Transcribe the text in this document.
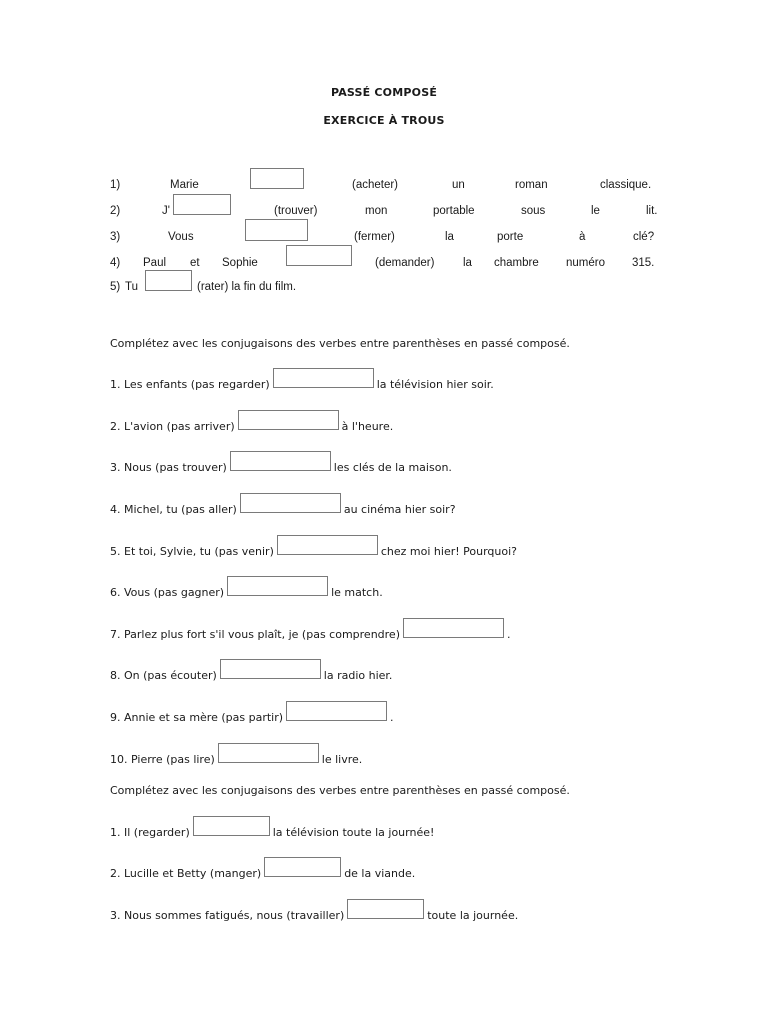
PASSÉ COMPOSÉ
EXERCICE À TROUS
1)	Marie	(acheter)	un	roman	classique.
2)	J'	(trouver)	mon	portable	sous	le	lit.
3)	Vous	(fermer)	la	porte	à	clé?
4) Paul et Sophie	(demander) la chambre numéro 315.
5) Tu	(rater) la fin du film.
Complétez avec les conjugaisons des verbes entre parenthèses en passé composé.
1. Les enfants (pas regarder)	la télévision hier soir.
2. L'avion (pas arriver)	à l'heure.
3. Nous (pas trouver)	les clés de la maison.
4. Michel, tu (pas aller)	au cinéma hier soir?
5. Et toi, Sylvie, tu (pas venir)	chez moi hier! Pourquoi?
6. Vous (pas gagner)	le match.
7. Parlez plus fort s'il vous plaît, je (pas comprendre)	.
8. On (pas écouter)	la radio hier.
9. Annie et sa mère (pas partir)	.
10. Pierre (pas lire)	le livre.
Complétez avec les conjugaisons des verbes entre parenthèses en passé composé.
1. Il (regarder)	la télévision toute la journée!
2. Lucille et Betty (manger)	de la viande.
3. Nous sommes fatigués, nous (travailler)	toute la journée.
